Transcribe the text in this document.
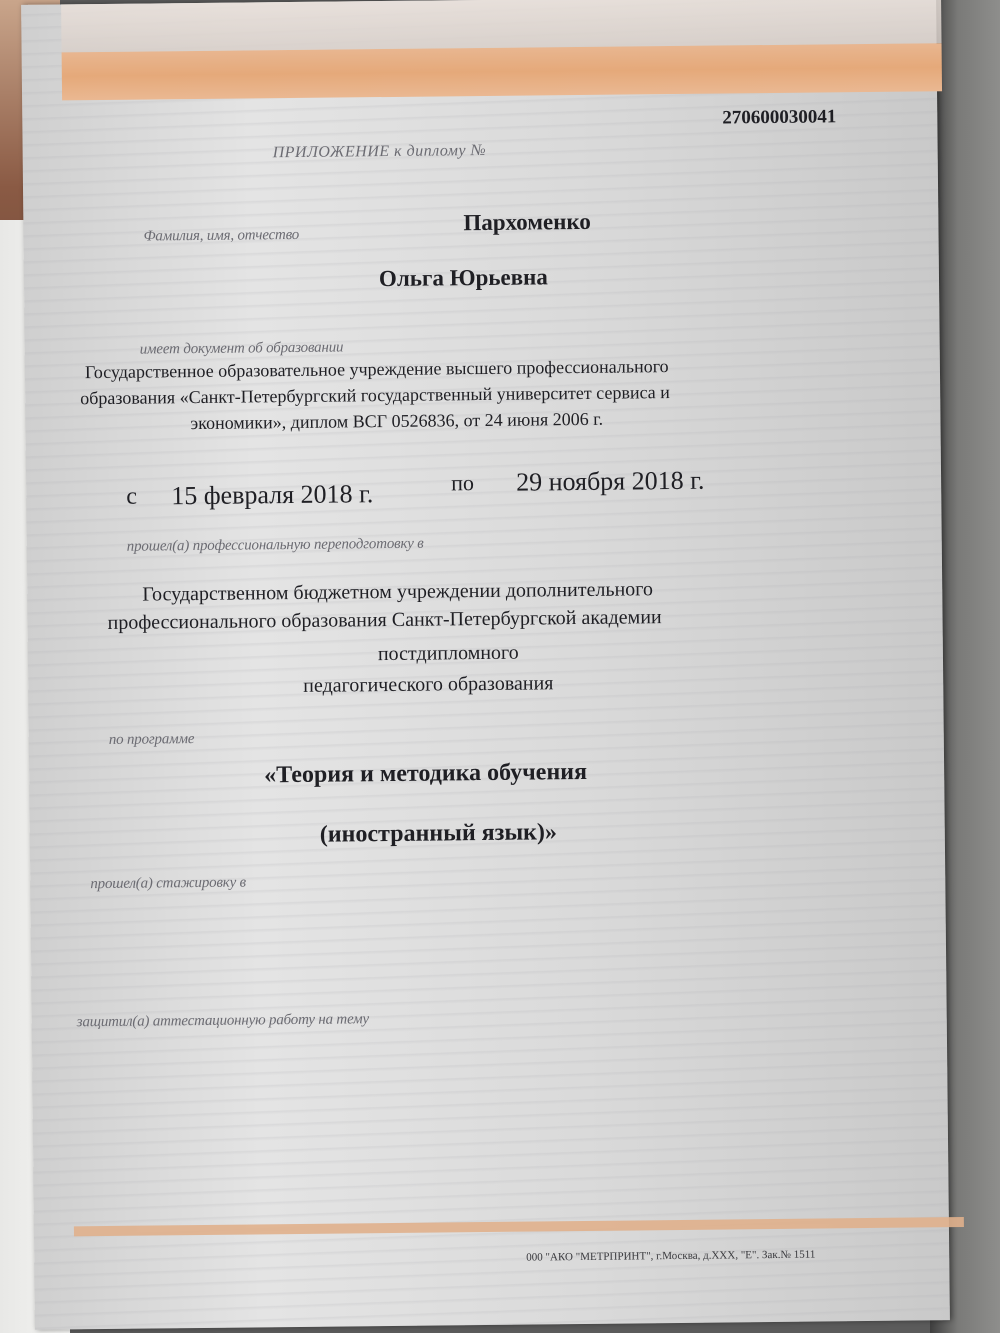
ПРИЛОЖЕНИЕ к диплому №
270600030041
Фамилия, имя, отчество
Пархоменко
Ольга Юрьевна
имеет документ об образовании
Государственное образовательное учреждение высшего профессионального
образования «Санкт-Петербургский государственный университет сервиса и
экономики», диплом ВСГ 0526836, от 24 июня 2006 г.
с 15 февраля 2018 г.	по 29 ноября 2018 г.
прошел(а) профессиональную переподготовку в
Государственном бюджетном учреждении дополнительного
профессионального образования Санкт-Петербургской академии
постдипломного
педагогического образования
по программе
«Теория и методика обучения
(иностранный язык)»
прошел(а) стажировку в
защитил(а) аттестационную работу на тему
000 "АКО "МЕТРПРИНТ", г.Москва, д.ХХХ, "Е". Зак.№ 1511
